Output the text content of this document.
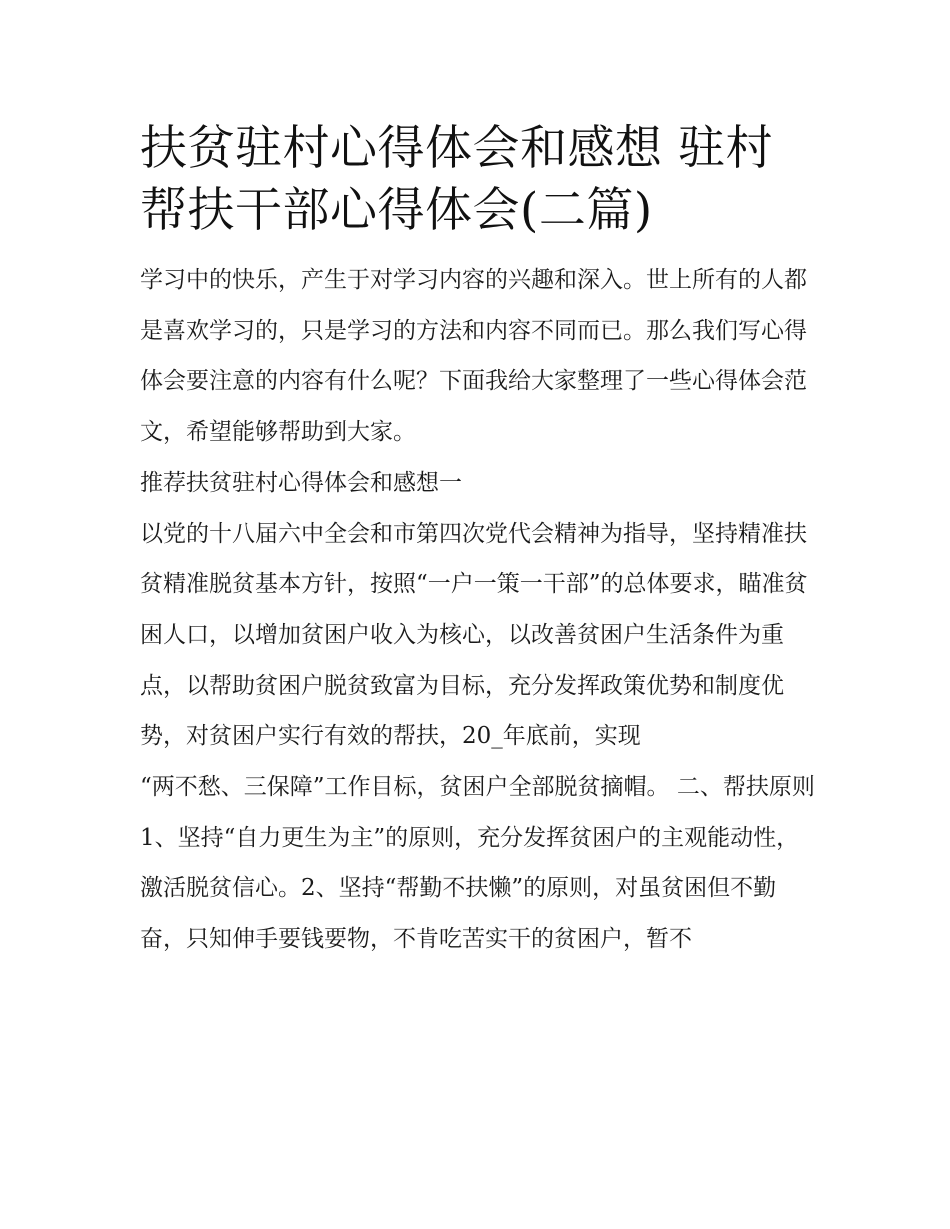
扶贫驻村心得体会和感想 驻村帮扶干部心得体会(二篇)

学习中的快乐，产生于对学习内容的兴趣和深入。世上所有的人都是喜欢学习的，只是学习的方法和内容不同而已。那么我们写心得体会要注意的内容有什么呢？下面我给大家整理了一些心得体会范文，希望能够帮助到大家。

推荐扶贫驻村心得体会和感想一

以党的十八届六中全会和市第四次党代会精神为指导，坚持精准扶贫精准脱贫基本方针，按照“一户一策一干部”的总体要求，瞄准贫困人口，以增加贫困户收入为核心，以改善贫困户生活条件为重点，以帮助贫困户脱贫致富为目标，充分发挥政策优势和制度优势，对贫困户实行有效的帮扶，20_年底前，实现

“两不愁、三保障”工作目标，贫困户全部脱贫摘帽。 二、帮扶原则

1、坚持“自力更生为主”的原则，充分发挥贫困户的主观能动性，激活脱贫信心。2、坚持“帮勤不扶懒”的原则，对虽贫困但不勤奋，只知伸手要钱要物，不肯吃苦实干的贫困户，暂不
